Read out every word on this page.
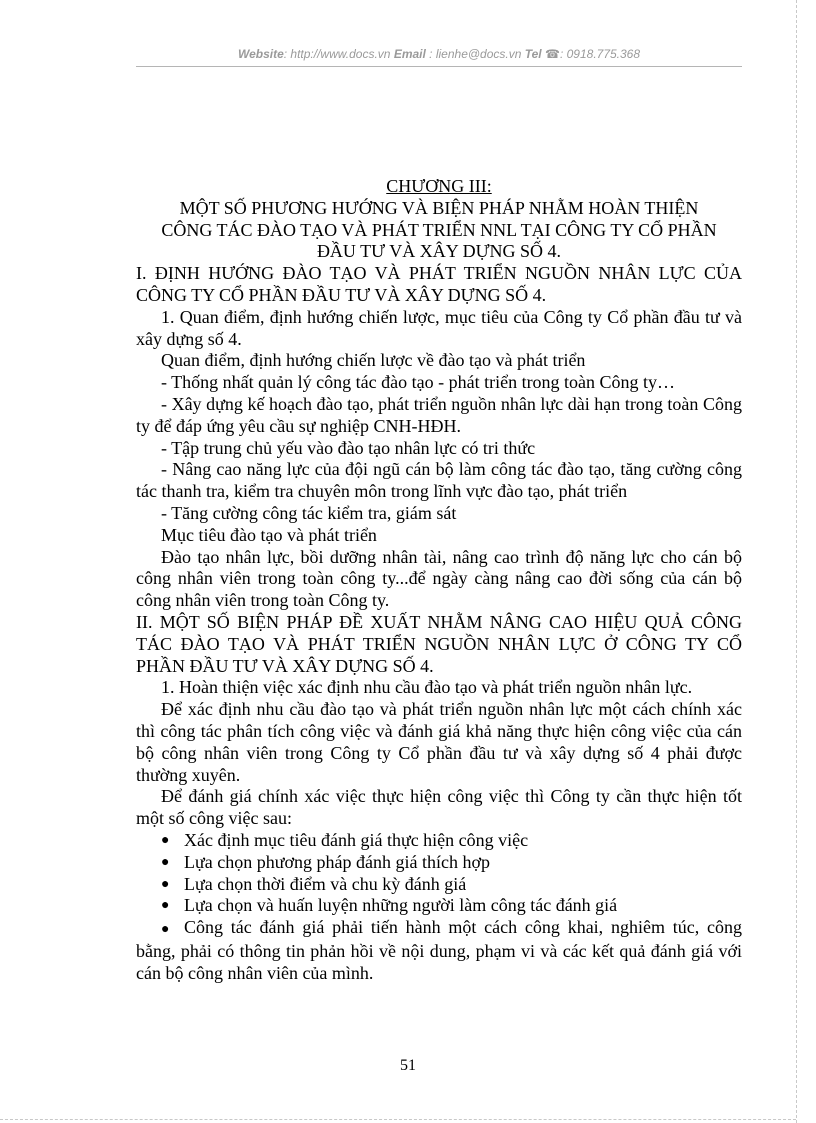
Website: http://www.docs.vn Email : lienhe@docs.vn Tel ☎: 0918.775.368

CHƯƠNG III:

MỘT SỐ PHƯƠNG HƯỚNG VÀ BIỆN PHÁP NHẰM HOÀN THIỆN

CÔNG TÁC ĐÀO TẠO VÀ PHÁT TRIỂN NNL TẠI CÔNG TY CỔ PHẦN

ĐẦU TƯ VÀ XÂY DỰNG SỐ 4.

I. ĐỊNH HƯỚNG ĐÀO TẠO VÀ PHÁT TRIỂN NGUỒN NHÂN LỰC CỦA CÔNG TY CỔ PHẦN ĐẦU TƯ VÀ XÂY DỰNG SỐ 4.

1. Quan điểm, định hướng chiến lược, mục tiêu của Công ty Cổ phần đầu tư và xây dựng số 4.

Quan điểm, định hướng chiến lược về đào tạo và phát triển

- Thống nhất quản lý công tác đào tạo - phát triển trong toàn Công ty…

- Xây dựng kế hoạch đào tạo, phát triển nguồn nhân lực dài hạn trong toàn Công ty để đáp ứng yêu cầu sự nghiệp CNH-HĐH.

- Tập trung chủ yếu vào đào tạo nhân lực có tri thức

- Nâng cao năng lực của đội ngũ cán bộ làm công tác đào tạo, tăng cường công tác thanh tra, kiểm tra chuyên môn trong lĩnh vực đào tạo, phát triển

- Tăng cường công tác kiểm tra, giám sát

Mục tiêu đào tạo và phát triển

Đào tạo nhân lực, bồi dưỡng nhân tài, nâng cao trình độ năng lực cho cán bộ công nhân viên trong toàn công ty...để ngày càng nâng cao đời sống của cán bộ công nhân viên trong toàn Công ty.

II. MỘT SỐ BIỆN PHÁP ĐỀ XUẤT NHẰM NÂNG CAO HIỆU QUẢ CÔNG TÁC ĐÀO TẠO VÀ PHÁT TRIỂN NGUỒN NHÂN LỰC Ở CÔNG TY CỔ PHẦN ĐẦU TƯ VÀ XÂY DỰNG SỐ 4.

1. Hoàn thiện việc xác định nhu cầu đào tạo và phát triển nguồn nhân lực.

Để xác định nhu cầu đào tạo và phát triển nguồn nhân lực một cách chính xác thì công tác phân tích công việc và đánh giá khả năng thực hiện công việc của cán bộ công nhân viên trong Công ty Cổ phần đầu tư và xây dựng số 4 phải được thường xuyên.

Để đánh giá chính xác việc thực hiện công việc thì Công ty cần thực hiện tốt một số công việc sau:

● Xác định mục tiêu đánh giá thực hiện công việc

● Lựa chọn phương pháp đánh giá thích hợp

● Lựa chọn thời điểm và chu kỳ đánh giá

● Lựa chọn và huấn luyện những người làm công tác đánh giá

● Công tác đánh giá phải tiến hành một cách công khai, nghiêm túc, công bằng, phải có thông tin phản hồi về nội dung, phạm vi và các kết quả đánh giá với cán bộ công nhân viên của mình.

51
